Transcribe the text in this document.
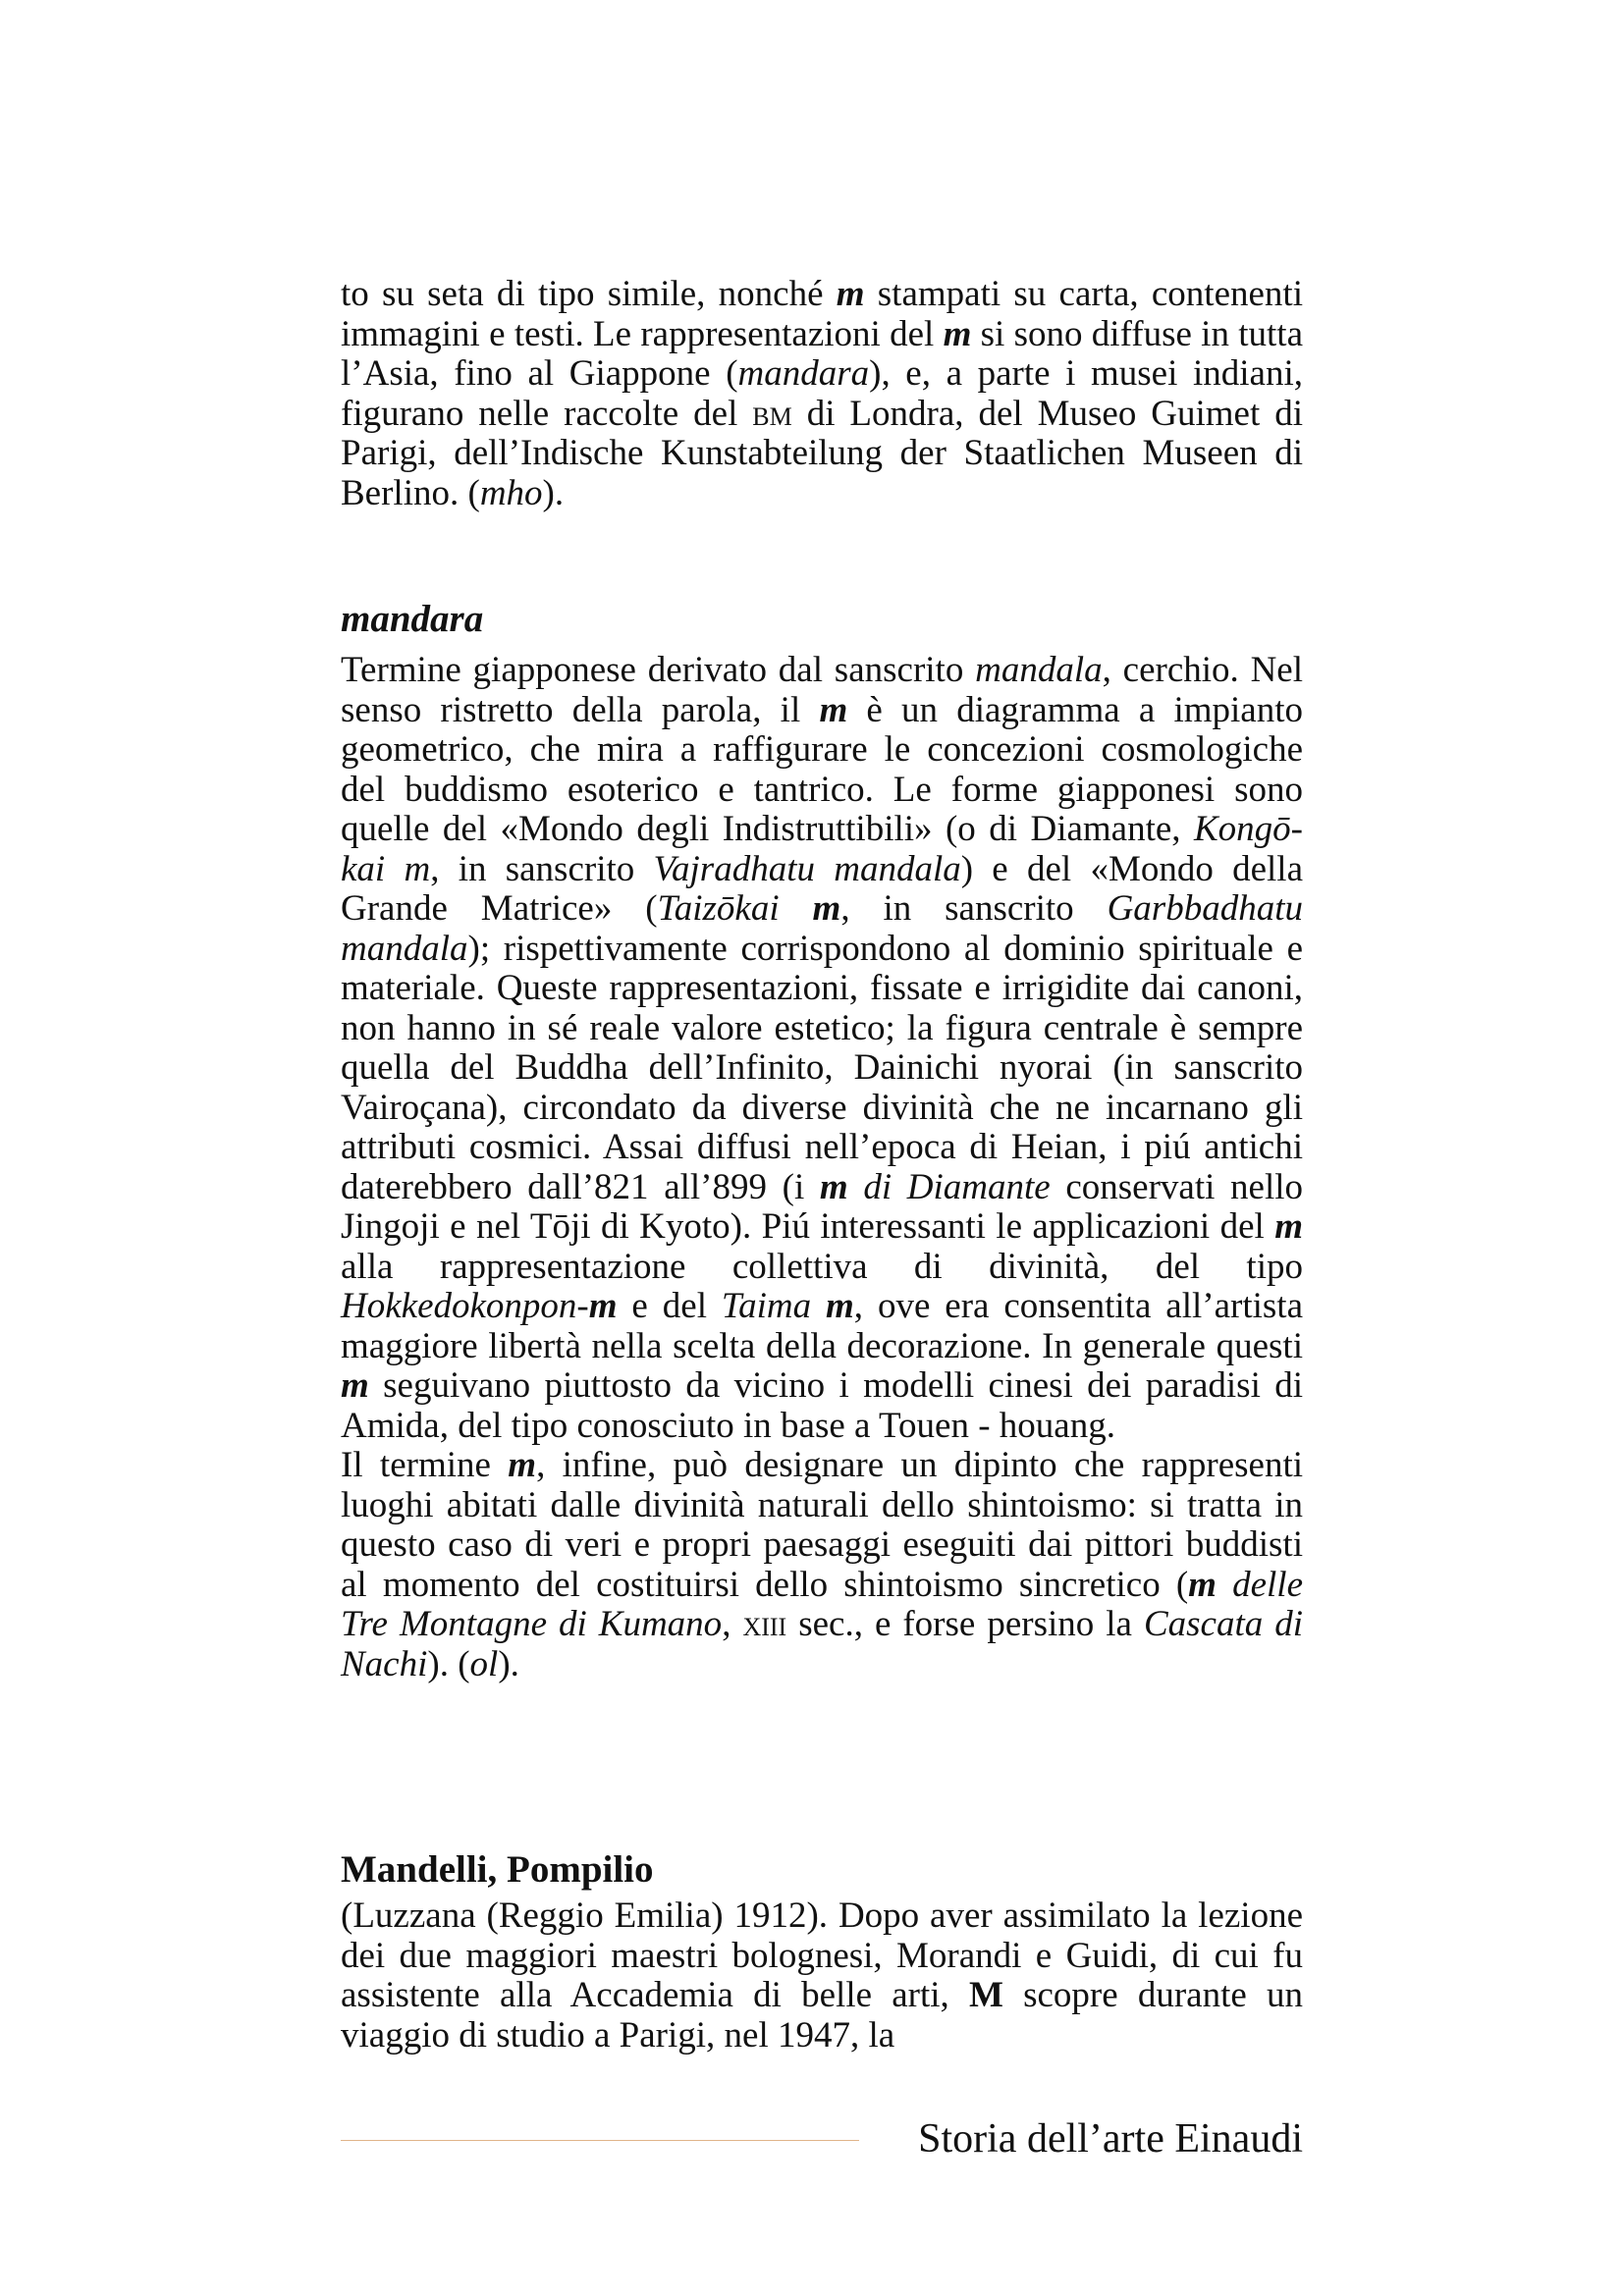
to su seta di tipo simile, nonché m stampati su carta, contenenti immagini e testi. Le rappresentazioni del m si sono diffuse in tutta l’Asia, fino al Giappone (mandara), e, a parte i musei indiani, figurano nelle raccolte del bm di Londra, del Museo Guimet di Parigi, dell’Indische Kunstabteilung der Staatlichen Museen di Berlino. (mho).

mandara

Termine giapponese derivato dal sanscrito mandala, cerchio. Nel senso ristretto della parola, il m è un diagramma a impianto geometrico, che mira a raffigurare le concezioni cosmologiche del buddismo esoterico e tantrico. Le forme giapponesi sono quelle del «Mondo degli Indistruttibili» (o di Diamante, Kongō-kai m, in sanscrito Vajradhatu mandala) e del «Mondo della Grande Matrice» (Taizōkai m, in sanscrito Garbbadhatu mandala); rispettivamente corrispondono al dominio spirituale e materiale. Queste rappresentazioni, fissate e irrigidite dai canoni, non hanno in sé reale valore estetico; la figura centrale è sempre quella del Buddha dell’Infinito, Dainichi nyorai (in sanscrito Vairoçana), circondato da diverse divinità che ne incarnano gli attributi cosmici. Assai diffusi nell’epoca di Heian, i piú antichi daterebbero dall’821 all’899 (i m di Diamante conservati nello Jingoji e nel Tōji di Kyoto). Piú interessanti le applicazioni del m alla rappresentazione collettiva di divinità, del tipo Hokkedokonpon-m e del Taima m, ove era consentita all’artista maggiore libertà nella scelta della decorazione. In generale questi m seguivano piuttosto da vicino i modelli cinesi dei paradisi di Amida, del tipo conosciuto in base a Touen - houang.

Il termine m, infine, può designare un dipinto che rappresenti luoghi abitati dalle divinità naturali dello shintoismo: si tratta in questo caso di veri e propri paesaggi eseguiti dai pittori buddisti al momento del costituirsi dello shintoismo sincretico (m delle Tre Montagne di Kumano, xiii sec., e forse persino la Cascata di Nachi). (ol).

Mandelli, Pompilio

(Luzzana (Reggio Emilia) 1912). Dopo aver assimilato la lezione dei due maggiori maestri bolognesi, Morandi e Guidi, di cui fu assistente alla Accademia di belle arti, M scopre durante un viaggio di studio a Parigi, nel 1947, la

Storia dell’arte Einaudi
